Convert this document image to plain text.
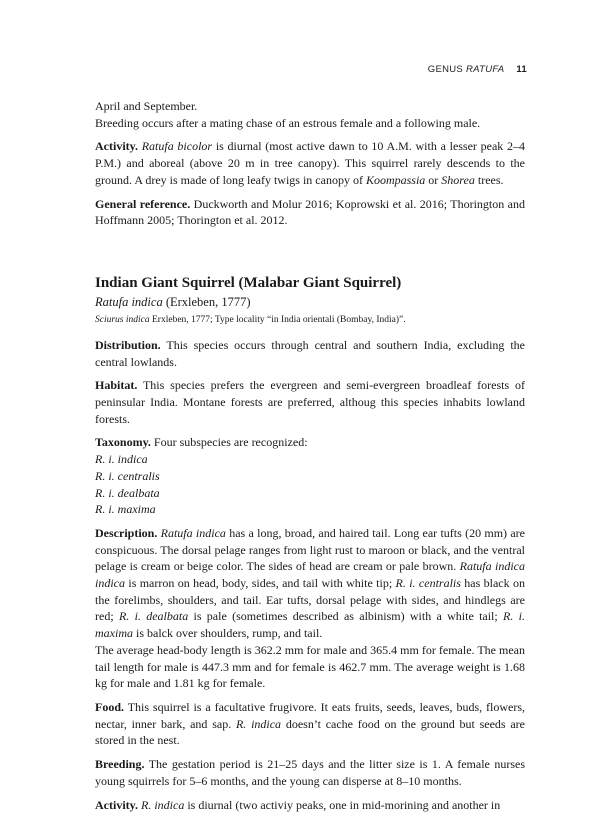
GENUS RATUFA 11

April and September.

Breeding occurs after a mating chase of an estrous female and a following male.

Activity. Ratufa bicolor is diurnal (most active dawn to 10 A.M. with a lesser peak 2–4 P.M.) and aboreal (above 20 m in tree canopy). This squirrel rarely descends to the ground. A drey is made of long leafy twigs in canopy of Koompassia or Shorea trees.

General reference. Duckworth and Molur 2016; Koprowski et al. 2016; Thorington and Hoffmann 2005; Thorington et al. 2012.

Indian Giant Squirrel (Malabar Giant Squirrel)

Ratufa indica (Erxleben, 1777)

Sciurus indica Erxleben, 1777; Type locality “in India orientali (Bombay, India)”.

Distribution. This species occurs through central and southern India, excluding the central lowlands.

Habitat. This species prefers the evergreen and semi-evergreen broadleaf forests of peninsular India. Montane forests are preferred, althoug this species inhabits lowland forests.

Taxonomy. Four subspecies are recognized:

R. i. indica

R. i. centralis

R. i. dealbata

R. i. maxima

Description. Ratufa indica has a long, broad, and haired tail. Long ear tufts (20 mm) are conspicuous. The dorsal pelage ranges from light rust to maroon or black, and the ventral pelage is cream or beige color. The sides of head are cream or pale brown. Ratufa indica indica is marron on head, body, sides, and tail with white tip; R. i. centralis has black on the forelimbs, shoulders, and tail. Ear tufts, dorsal pelage with sides, and hindlegs are red; R. i. dealbata is pale (sometimes described as albinism) with a white tail; R. i. maxima is balck over shoulders, rump, and tail.

The average head-body length is 362.2 mm for male and 365.4 mm for female. The mean tail length for male is 447.3 mm and for female is 462.7 mm. The average weight is 1.68 kg for male and 1.81 kg for female.

Food. This squirrel is a facultative frugivore. It eats fruits, seeds, leaves, buds, flowers, nectar, inner bark, and sap. R. indica doesn’t cache food on the ground but seeds are stored in the nest.

Breeding. The gestation period is 21–25 days and the litter size is 1. A female nurses young squirrels for 5–6 months, and the young can disperse at 8–10 months.

Activity. R. indica is diurnal (two activiy peaks, one in mid-morining and another in
